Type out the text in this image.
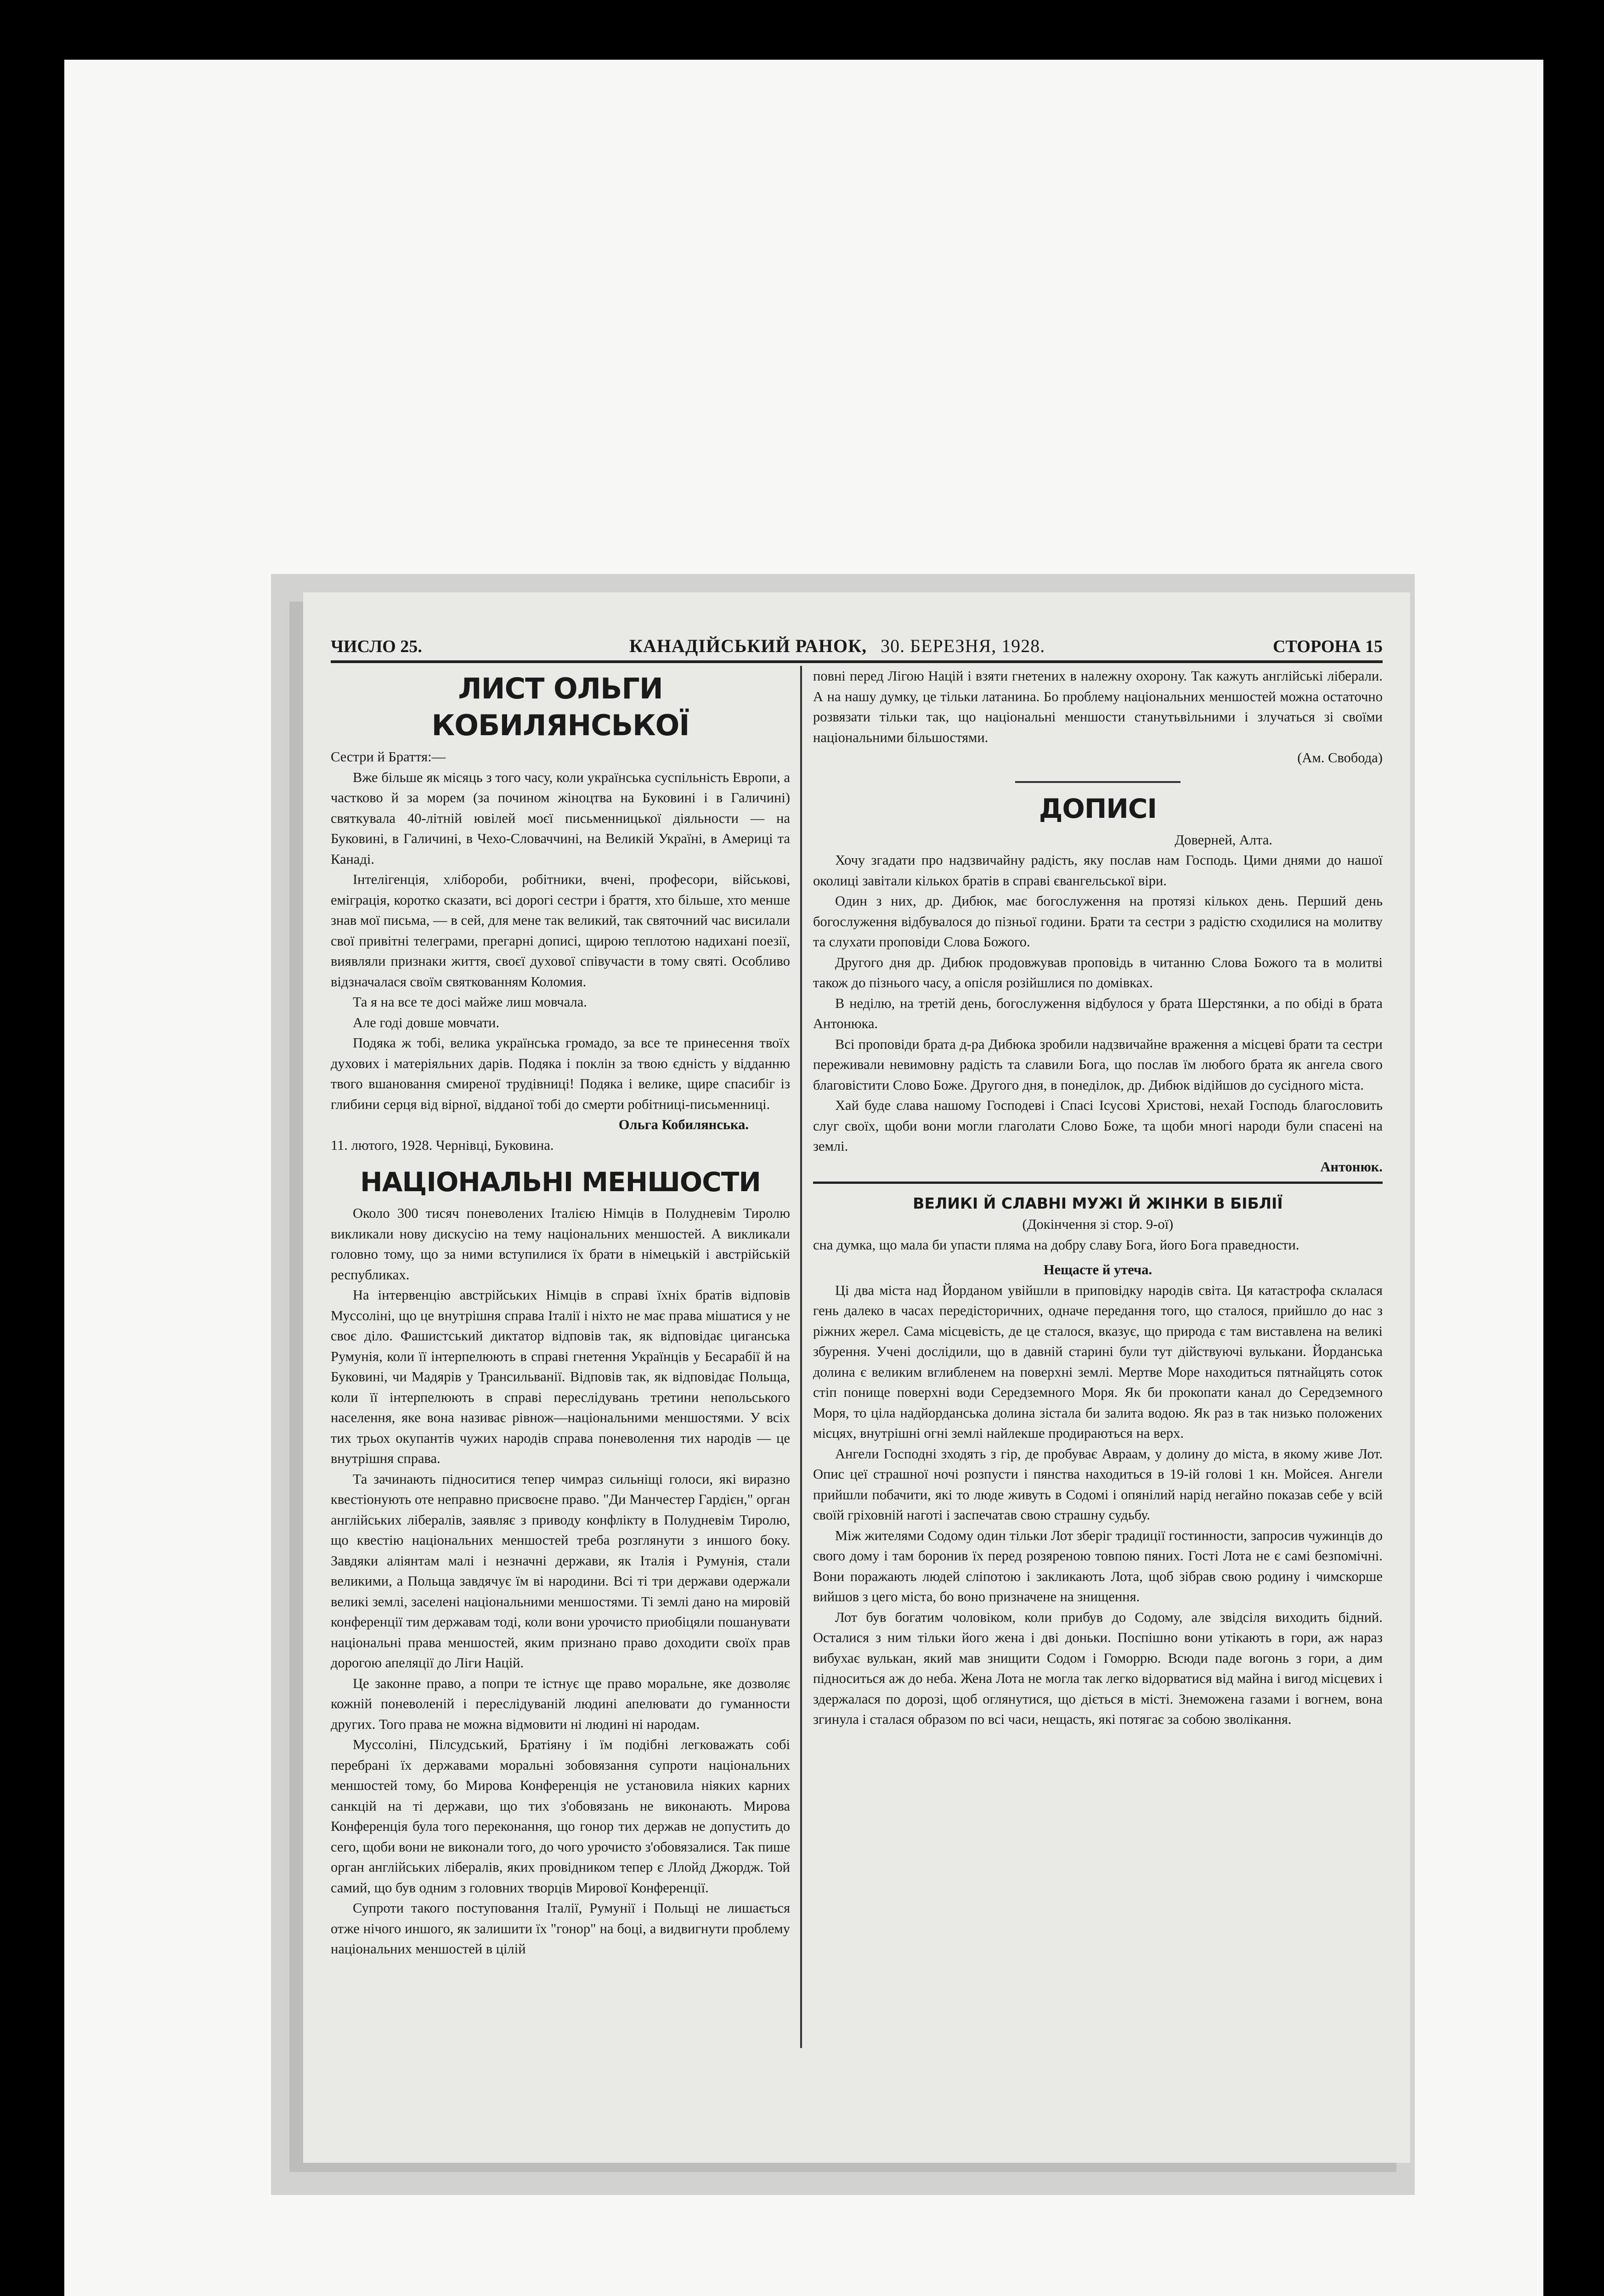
ЧИСЛО 25.	КАНАДІЙСЬКИЙ РАНОК, 30. БЕРЕЗНЯ, 1928.	СТОРОНА 15
ЛИСТ ОЛЬГИ КОБИЛЯНСЬКОЇ

Сестри й Браття:—

Вже більше як місяць з того часу, коли українська суспільність Европи, а частково й за морем (за почином жіноцтва на Буковині і в Галичині) святкувала 40-літній ювілей моєї письменницької діяльности — на Буковині, в Галичині, в Чехо-Словаччині, на Великій Україні, в Америці та Канаді.

Інтелігенція, хлібороби, робітники, вчені, професори, військові, еміграція, коротко сказати, всі дорогі сестри і браття, хто більше, хто менше знав мої письма, — в сей, для мене так великий, так святочний час висилали свої привітні телеграми, прегарні дописі, щирою теплотою надихані поезії, виявляли признаки життя, своєї духової співучасти в тому святі. Особливо відзначалася своїм святкованням Коломия.

Та я на все те досі майже лиш мовчала.

Але годі довше мовчати.

Подяка ж тобі, велика українська громадо, за все те принесення твоїх духових і матеріяльних дарів. Подяка і поклін за твою єдність у відданню твого вшановання смиреної трудівниці! Подяка і велике, щире спасибіг із глибини серця від вірної, відданої тобі до смерти робітниці-письменниці.

Ольга Кобилянська.

11. лютого, 1928. Чернівці, Буковина.

НАЦІОНАЛЬНІ МЕНШОСТИ

Около 300 тисяч поневолених Італією Німців в Полудневім Тиролю викликали нову дискусію на тему національних меншостей. А викликали головно тому, що за ними вступилися їх брати в німецькій і австрійській республиках.

На інтервенцію австрійських Німців в справі їхніх братів відповів Муссоліні, що це внутрішня справа Італії і ніхто не має права мішатися у не своє діло. Фашистський диктатор відповів так, як відповідає циганська Румунія, коли її інтерпелюють в справі гнетення Українців у Бесарабії й на Буковині, чи Мадярів у Трансильванії. Відповів так, як відповідає Польща, коли її інтерпелюють в справі переслідувань третини непольського населення, яке вона називає рівнож—національними меншостями. У всіх тих трьох окупантів чужих народів справа поневолення тих народів — це внутрішня справа.

Та зачинають підноситися тепер чимраз сильніщі голоси, які виразно квестіонують оте неправно присвоєне право. "Ди Манчестер Гардієн," орган англійських лібералів, заявляє з приводу конфлікту в Полудневім Тиролю, що квестію національних меншостей треба розглянути з иншого боку. Завдяки аліянтам малі і незначні держави, як Італія і Румунія, стали великими, а Польща завдячує їм ві народини. Всі ті три держави одержали великі землі, заселені національними меншостями. Ті землі дано на мировій конференції тим державам тоді, коли вони урочисто приобіцяли пошанувати національні права меншостей, яким признано право доходити своїх прав дорогою апеляції до Ліги Націй.

Це законне право, а попри те істнує ще право моральне, яке дозволяє кожній поневоленій і переслідуваній людині апелювати до гуманности других. Того права не можна відмовити ні людині ні народам.

Муссоліні, Пілсудський, Братіяну і їм подібні легковажать собі перебрані їх державами моральні зобовязання супроти національних меншостей тому, бо Мирова Конференція не установила ніяких карних санкцій на ті держави, що тих з'обовязань не виконають. Мирова Конференція була того переконання, що гонор тих держав не допустить до сего, щоби вони не виконали того, до чого урочисто з'обовязалися. Так пише орган англійських лібералів, яких провідником тепер є Ллойд Джордж. Той самий, що був одним з головних творців Мирової Конференції.

Супроти такого поступовання Італії, Румунії і Польщі не лишається отже нічого иншого, як залишити їх "гонор" на боці, а видвигнути проблему національних меншостей в цілій

повні перед Лігою Націй і взяти гнетених в належну охорону. Так кажуть англійські ліберали. А на нашу думку, це тільки латанина. Бо проблему національних меншостей можна остаточно розвязати тільки так, що національні меншости станутьвільними і злучаться зі своїми національними більшостями.

(Ам. Свобода)
ДОПИСІ
Доверней, Алта.

Хочу згадати про надзвичайну радість, яку послав нам Господь. Цими днями до нашої околиці завітали кількох братів в справі євангельської віри.

Один з них, др. Дибюк, має богослуження на протязі кількох день. Перший день богослуження відбувалося до пізньої години. Брати та сестри з радістю сходилися на молитву та слухати проповіди Слова Божого.

Другого дня др. Дибюк продовжував проповідь в читанню Слова Божого та в молитві також до пізнього часу, а опісля розійшлися по домівках.

В неділю, на третій день, богослуження відбулося у брата Шерстянки, а по обіді в брата Антонюка.

Всі проповіди брата д-ра Дибюка зробили надзвичайне враження а місцеві брати та сестри переживали невимовну радість та славили Бога, що послав їм любого брата як ангела свого благовістити Слово Боже. Другого дня, в понеділок, др. Дибюк відійшов до сусідного міста.

Хай буде слава нашому Господеві і Спасі Ісусові Христові, нехай Господь благословить слуг своїх, щоби вони могли глаголати Слово Боже, та щоби многі народи були спасені на землі.

Антонюк.
ВЕЛИКІ Й СЛАВНІ МУЖІ Й ЖІНКИ В БІБЛІЇ
(Докінчення зі стор. 9-ої)

сна думка, що мала би упасти пляма на добру славу Бога, його Бога праведности.

Нещасте й утеча.

Ці два міста над Йорданом увійшли в приповідку народів світа. Ця катастрофа склалася гень далеко в часах передісторичних, одначе передання того, що сталося, прийшло до нас з ріжних жерел. Сама місцевість, де це сталося, вказує, що природа є там виставлена на великі збурення. Учені дослідили, що в давній старині були тут дійствуючі вулькани. Йорданська долина є великим вглибленем на поверхні землі. Мертве Море находиться пятнайцять соток стіп понище поверхні води Середземного Моря. Як би прокопати канал до Середземного Моря, то ціла надйорданська долина зістала би залита водою. Як раз в так низько положених місцях, внутрішні огні землі найлекше продираються на верх.

Ангели Господні зходять з гір, де пробуває Авраам, у долину до міста, в якому живе Лот. Опис цеї страшної ночі розпусти і пянства находиться в 19-ій голові 1 кн. Мойсея. Ангели прийшли побачити, які то люде живуть в Содомі і опянілий нарід негайно показав себе у всій своїй гріховній наготі і заспечатав свою страшну судьбу.

Між жителями Содому один тільки Лот зберіг традиції гостинности, запросив чужинців до свого дому і там боронив їх перед розяреною товпою пяних. Гості Лота не є самі безпомічні. Вони поражають людей сліпотою і закликають Лота, щоб зібрав свою родину і чимскорше вийшов з цего міста, бо воно призначене на знищення.

Лот був богатим чоловіком, коли прибув до Содому, але звідсіля виходить бідний. Осталися з ним тільки його жена і дві доньки. Поспішно вони утікають в гори, аж нараз вибухає вулькан, який мав знищити Содом і Гоморрю. Всюди паде вогонь з гори, а дим підноситься аж до неба. Жена Лота не могла так легко відорватися від майна і вигод місцевих і здержалася по дорозі, щоб оглянутися, що діється в місті. Знеможена газами і вогнем, вона згинула і сталася образом по всі часи, нещасть, які потягає за собою зволікання.
